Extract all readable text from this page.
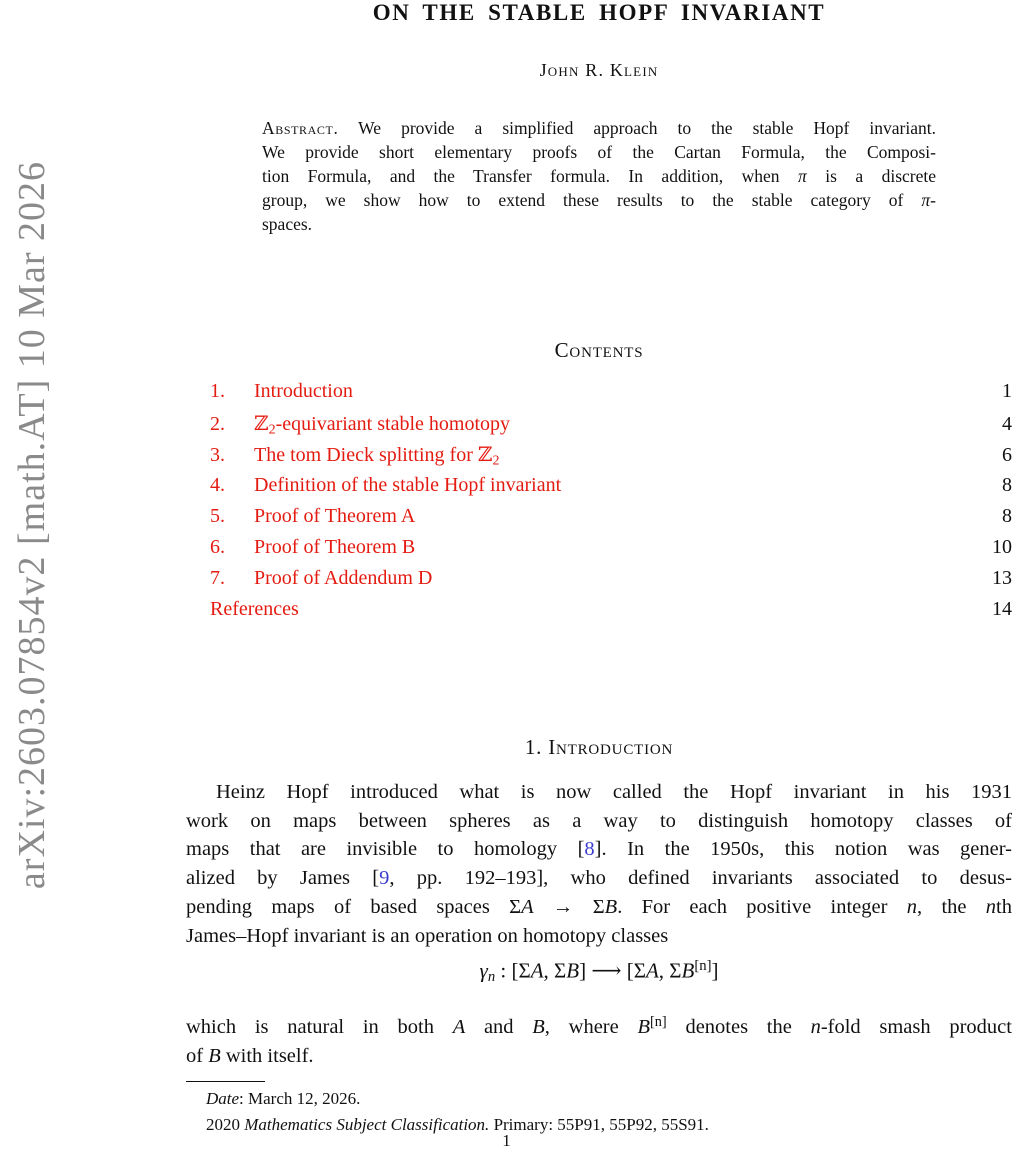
arXiv:2603.07854v2 [math.AT] 10 Mar 2026
ON THE STABLE HOPF INVARIANT
John R. Klein
Abstract. We provide a simplified approach to the stable Hopf invariant.
We provide short elementary proofs of the Cartan Formula, the Composi-
tion Formula, and the Transfer formula. In addition, when π is a discrete
group, we show how to extend these results to the stable category of π-
spaces.
Contents
1.	Introduction	1
2.	ℤ2-equivariant stable homotopy	4
3.	The tom Dieck splitting for ℤ2	6
4.	Definition of the stable Hopf invariant	8
5.	Proof of Theorem A	8
6.	Proof of Theorem B	10
7.	Proof of Addendum D	13
References	14
1. Introduction
Heinz Hopf introduced what is now called the Hopf invariant in his 1931
work on maps between spheres as a way to distinguish homotopy classes of
maps that are invisible to homology [8]. In the 1950s, this notion was gener-
alized by James [9, pp. 192–193], who defined invariants associated to desus-
pending maps of based spaces ΣA → ΣB. For each positive integer n, the nth
James–Hopf invariant is an operation on homotopy classes
γn : [ΣA, ΣB] ⟶ [ΣA, ΣB[n]]
which is natural in both A and B, where B[n] denotes the n-fold smash product
of B with itself.
Date: March 12, 2026.
2020 Mathematics Subject Classification. Primary: 55P91, 55P92, 55S91.
1
